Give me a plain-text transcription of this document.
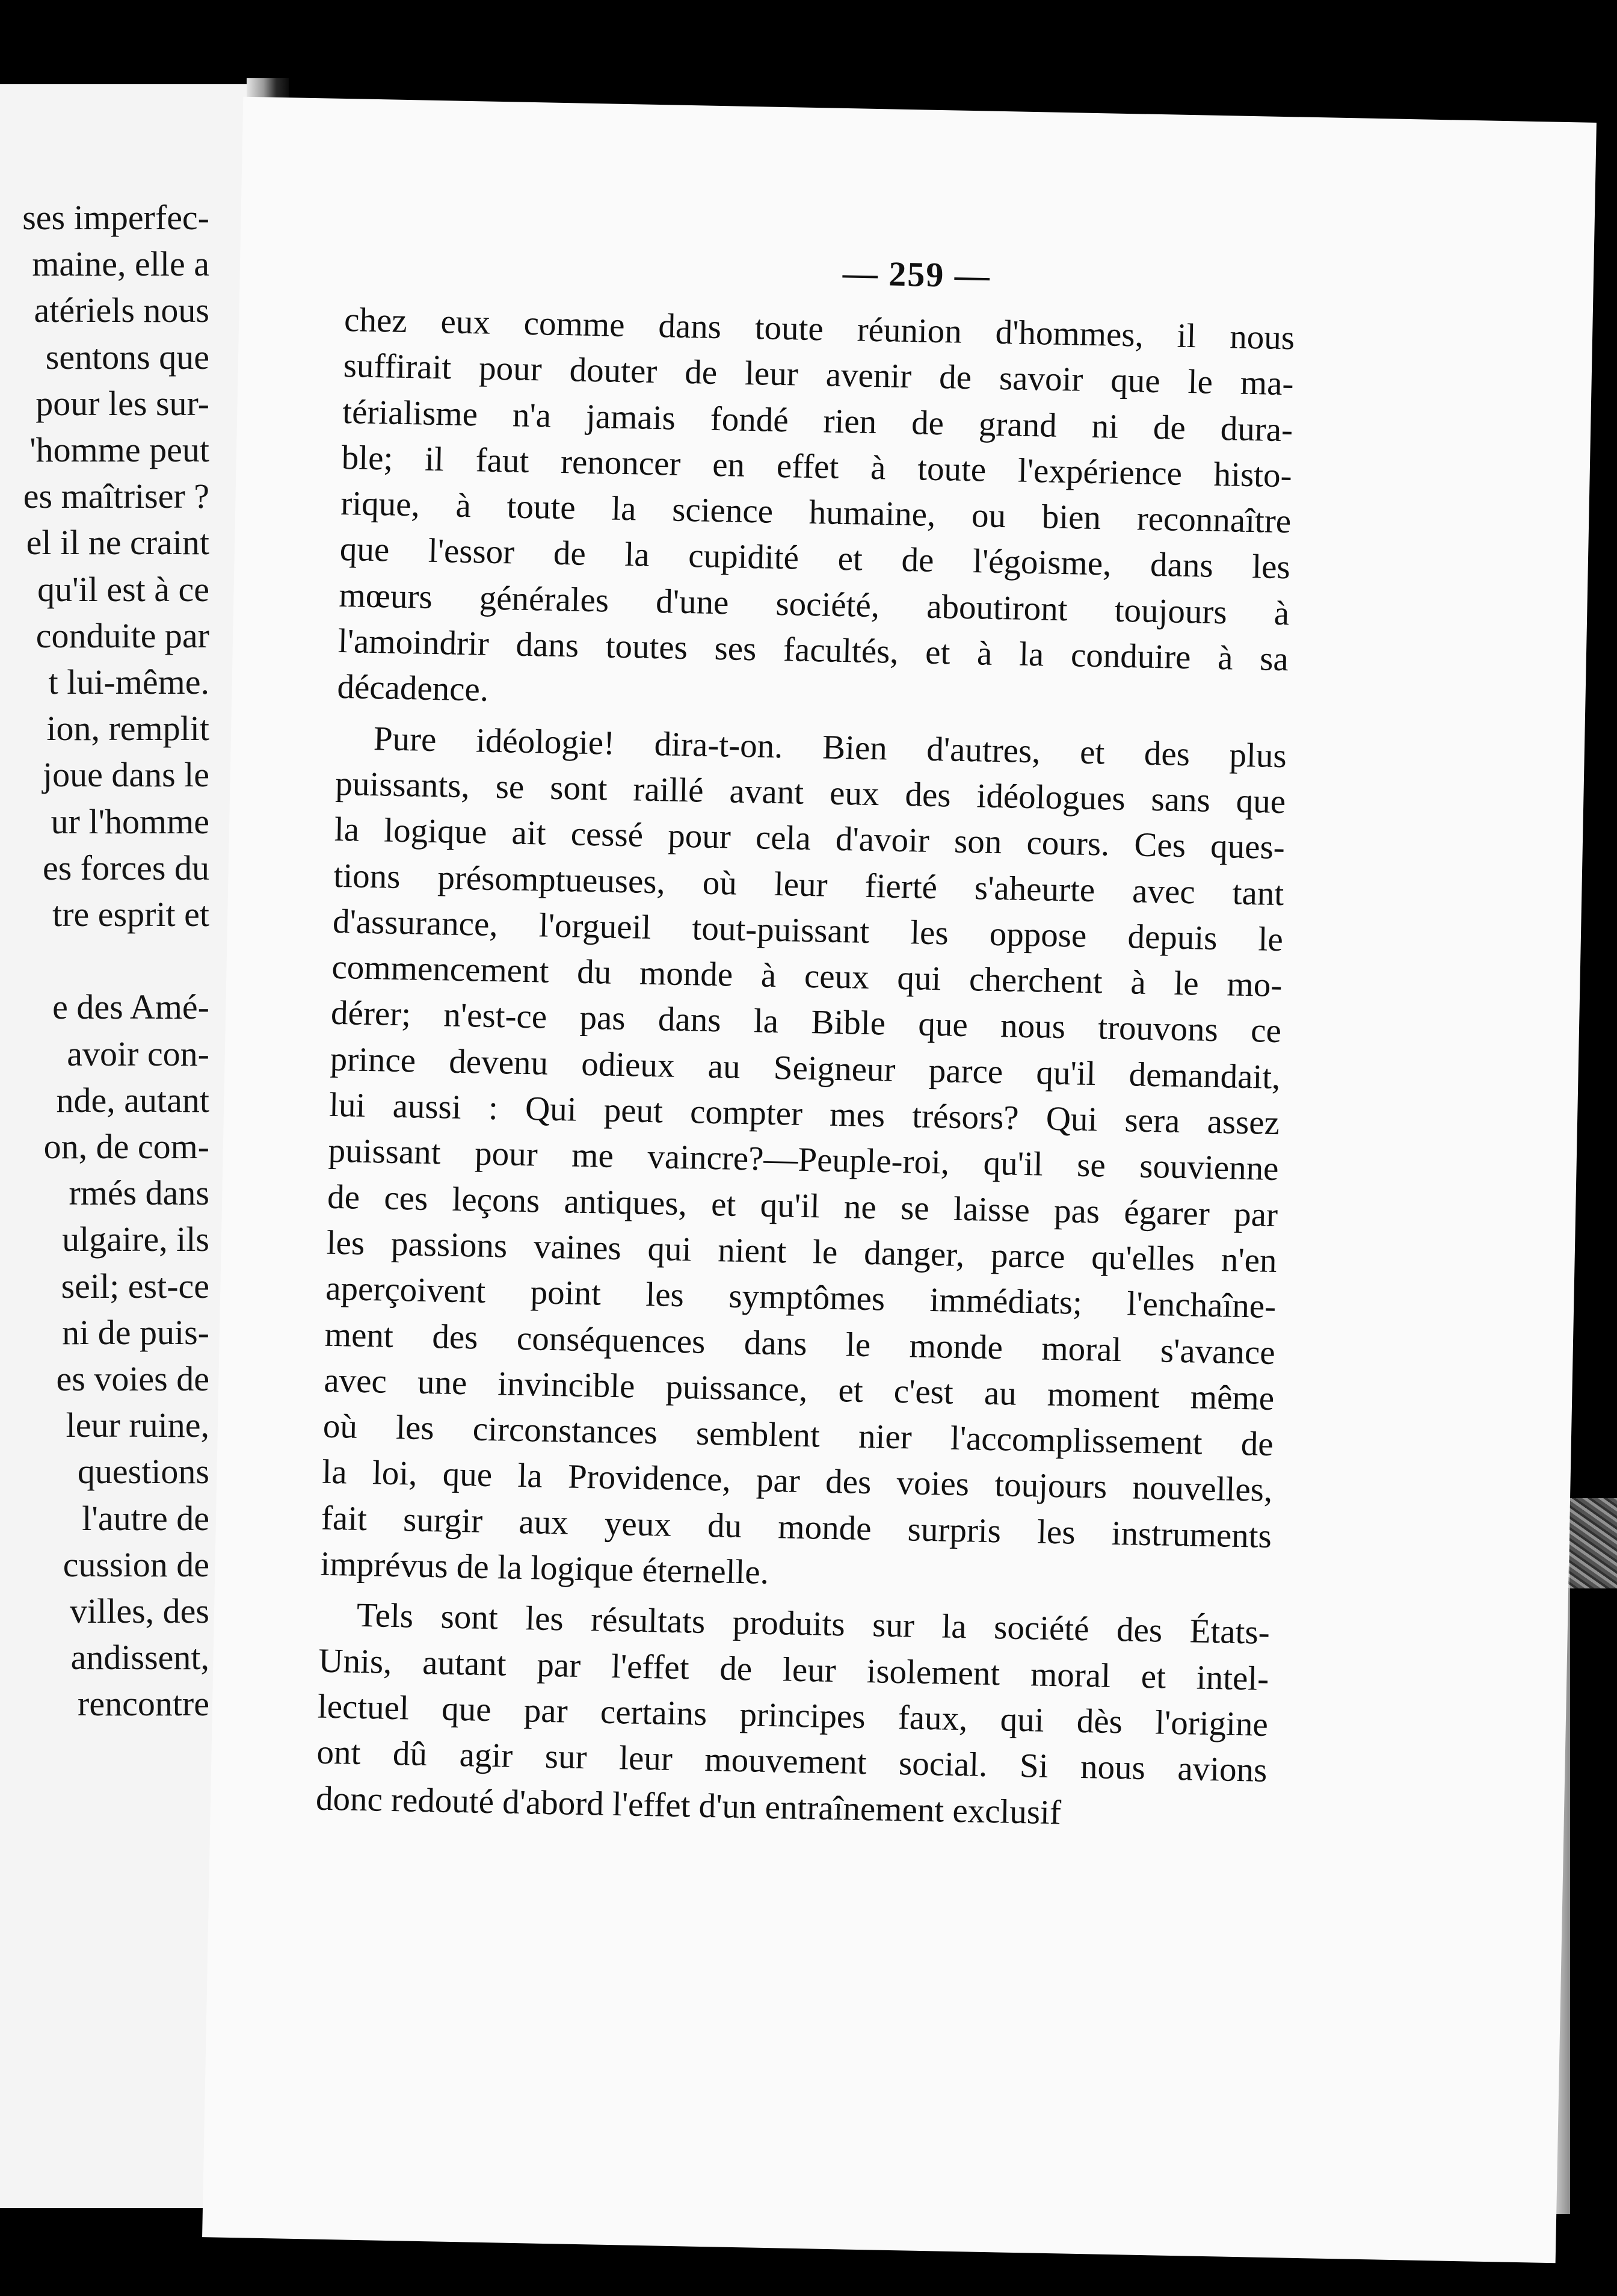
ses imperfec-
maine, elle a
atériels nous
sentons que
pour les sur-
'homme peut
es maîtriser ?
el il ne craint
qu'il est à ce
conduite par
t lui-même.
ion, remplit
joue dans le
ur l'homme
es forces du
tre esprit et
e des Amé-
avoir con-
nde, autant
on, de com-
rmés dans
ulgaire, ils
seil; est-ce
ni de puis-
es voies de
leur ruine,
questions
l'autre de
cussion de
villes, des
andissent,
rencontre
— 259 —
chez eux comme dans toute réunion d'hommes, il nous
suffirait pour douter de leur avenir de savoir que le ma-
térialisme n'a jamais fondé rien de grand ni de dura-
ble; il faut renoncer en effet à toute l'expérience histo-
rique, à toute la science humaine, ou bien reconnaître
que l'essor de la cupidité et de l'égoisme, dans les
mœurs générales d'une société, aboutiront toujours à
l'amoindrir dans toutes ses facultés, et à la conduire à sa
décadence.
Pure idéologie! dira-t-on. Bien d'autres, et des plus
puissants, se sont raillé avant eux des idéologues sans que
la logique ait cessé pour cela d'avoir son cours. Ces ques-
tions présomptueuses, où leur fierté s'aheurte avec tant
d'assurance, l'orgueil tout-puissant les oppose depuis le
commencement du monde à ceux qui cherchent à le mo-
dérer; n'est-ce pas dans la Bible que nous trouvons ce
prince devenu odieux au Seigneur parce qu'il demandait,
lui aussi : Qui peut compter mes trésors? Qui sera assez
puissant pour me vaincre?—Peuple-roi, qu'il se souvienne
de ces leçons antiques, et qu'il ne se laisse pas égarer par
les passions vaines qui nient le danger, parce qu'elles n'en
aperçoivent point les symptômes immédiats; l'enchaîne-
ment des conséquences dans le monde moral s'avance
avec une invincible puissance, et c'est au moment même
où les circonstances semblent nier l'accomplissement de
la loi, que la Providence, par des voies toujours nouvelles,
fait surgir aux yeux du monde surpris les instruments
imprévus de la logique éternelle.
Tels sont les résultats produits sur la société des États-
Unis, autant par l'effet de leur isolement moral et intel-
lectuel que par certains principes faux, qui dès l'origine
ont dû agir sur leur mouvement social. Si nous avions
donc redouté d'abord l'effet d'un entraînement exclusif
